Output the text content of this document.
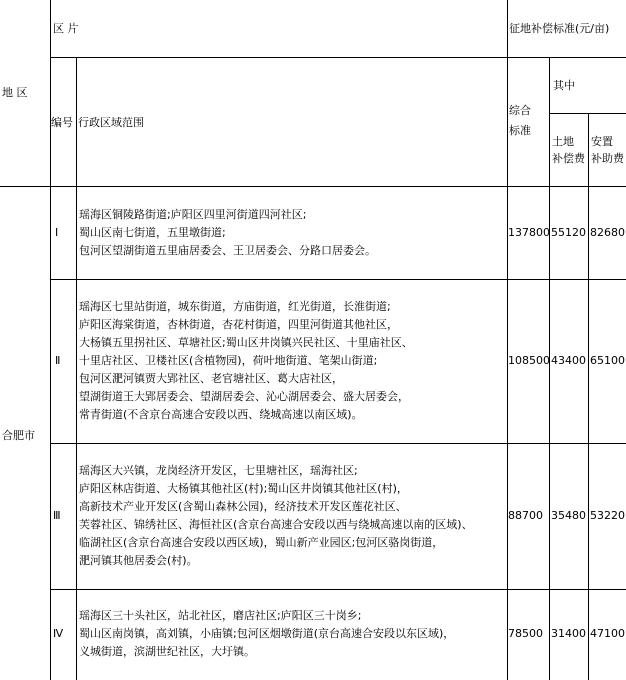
地 区
区 片
编号 行政区域范围
征地补偿标准(元/亩)
其中
综合
标准
土地
补偿费
安置
补助费
合肥市
Ⅰ
瑶海区铜陵路街道;庐阳区四里河街道四河社区;
蜀山区南七街道，五里墩街道;
包河区望湖街道五里庙居委会、王卫居委会、分路口居委会。
137800 55120 82680
Ⅱ
瑶海区七里站街道，城东街道，方庙街道，红光街道，长淮街道;
庐阳区海棠街道，杏林街道，杏花村街道，四里河街道其他社区，
大杨镇五里拐社区、草塘社区;蜀山区井岗镇兴民社区、十里庙社区、
十里店社区、卫楼社区(含植物园)，荷叶地街道、笔架山街道;
包河区淝河镇贾大郢社区、老官塘社区、葛大店社区，
望湖街道王大郢居委会、望湖居委会、沁心湖居委会、盛大居委会，
常青街道(不含京台高速合安段以西、绕城高速以南区域)。
108500 43400 65100
Ⅲ
瑶海区大兴镇，龙岗经济开发区，七里塘社区，瑶海社区;
庐阳区林店街道、大杨镇其他社区(村);蜀山区井岗镇其他社区(村)，
高新技术产业开发区(含蜀山森林公园)，经济技术开发区莲花社区、
芙蓉社区、锦绣社区、海恒社区(含京台高速合安段以西与绕城高速以南的区域)、
临湖社区(含京台高速合安段以西区域)，蜀山新产业园区;包河区骆岗街道，
淝河镇其他居委会(村)。
88700 35480 53220
Ⅳ
瑶海区三十头社区，站北社区，磨店社区;庐阳区三十岗乡;
蜀山区南岗镇，高刘镇，小庙镇;包河区烟墩街道(京台高速合安段以东区域)，
义城街道，滨湖世纪社区，大圩镇。
78500 31400 47100
